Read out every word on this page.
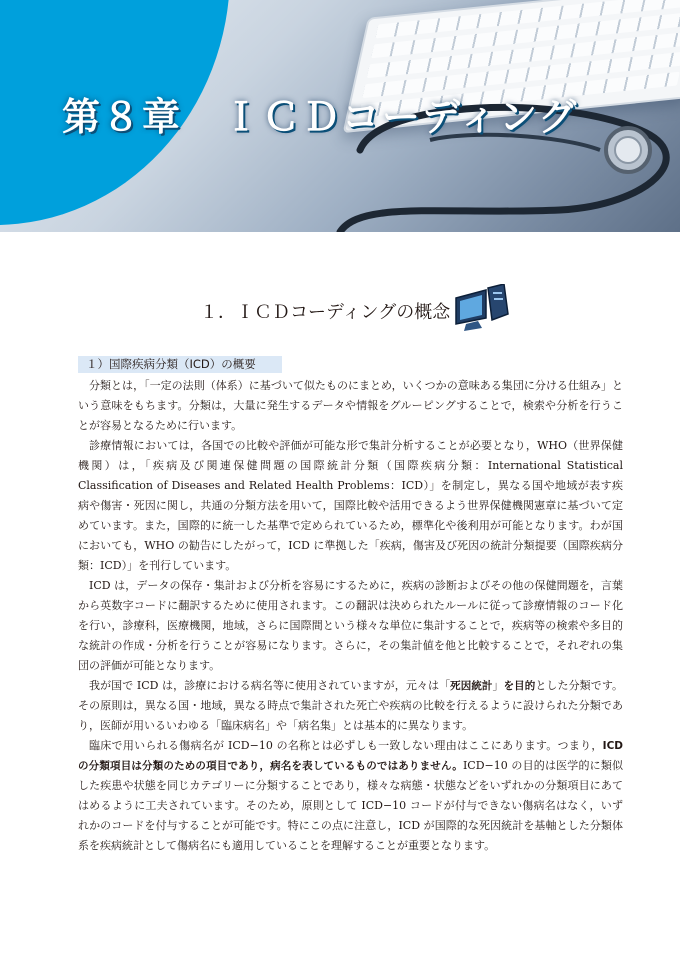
第８章　ＩＣＤコーディング
１．ＩＣＤコーディングの概念
１）国際疾病分類（ICD）の概要

分類とは，「一定の法則（体系）に基づいて似たものにまとめ，いくつかの意味ある集団に分ける仕組み」という意味をもちます。分類は，大量に発生するデータや情報をグルーピングすることで，検索や分析を行うことが容易となるために行います。

診療情報においては，各国での比較や評価が可能な形で集計分析することが必要となり，WHO（世界保健機関）は，「疾病及び関連保健問題の国際統計分類（国際疾病分類：International Statistical Classification of Diseases and Related Health Problems：ICD）」を制定し，異なる国や地域が表す疾病や傷害・死因に関し，共通の分類方法を用いて，国際比較や活用できるよう世界保健機関憲章に基づいて定めています。また，国際的に統一した基準で定められているため，標準化や後利用が可能となります。わが国においても，WHO の勧告にしたがって，ICD に準拠した「疾病，傷害及び死因の統計分類提要（国際疾病分類：ICD）」を刊行しています。

ICD は，データの保存・集計および分析を容易にするために，疾病の診断およびその他の保健問題を，言葉から英数字コードに翻訳するために使用されます。この翻訳は決められたルールに従って診療情報のコード化を行い，診療科，医療機関，地域，さらに国際間という様々な単位に集計することで，疾病等の検索や多目的な統計の作成・分析を行うことが容易になります。さらに，その集計値を他と比較することで，それぞれの集団の評価が可能となります。

我が国で ICD は，診療における病名等に使用されていますが，元々は「死因統計」を目的とした分類です。その原則は，異なる国・地域，異なる時点で集計された死亡や疾病の比較を行えるように設けられた分類であり，医師が用いるいわゆる「臨床病名」や「病名集」とは基本的に異なります。

臨床で用いられる傷病名が ICD−10 の名称とは必ずしも一致しない理由はここにあります。つまり，ICD の分類項目は分類のための項目であり，病名を表しているものではありません。ICD−10 の目的は医学的に類似した疾患や状態を同じカテゴリーに分類することであり，様々な病態・状態などをいずれかの分類項目にあてはめるように工夫されています。そのため，原則として ICD−10 コードが付与できない傷病名はなく，いずれかのコードを付与することが可能です。特にこの点に注意し，ICD が国際的な死因統計を基軸とした分類体系を疾病統計として傷病名にも適用していることを理解することが重要となります。
